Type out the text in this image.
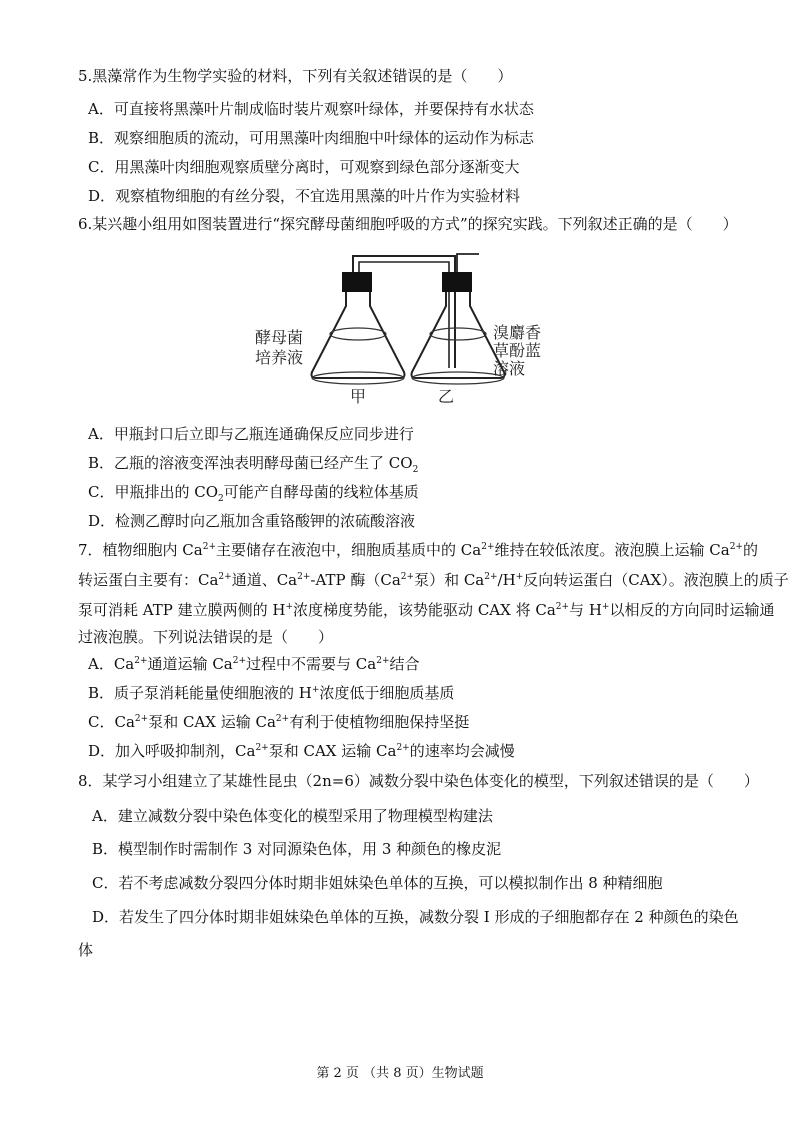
5.黑藻常作为生物学实验的材料，下列有关叙述错误的是（　　）
A．可直接将黑藻叶片制成临时装片观察叶绿体，并要保持有水状态
B．观察细胞质的流动，可用黑藻叶肉细胞中叶绿体的运动作为标志
C．用黑藻叶肉细胞观察质壁分离时，可观察到绿色部分逐渐变大
D．观察植物细胞的有丝分裂，不宜选用黑藻的叶片作为实验材料
6.某兴趣小组用如图装置进行“探究酵母菌细胞呼吸的方式”的探究实践。下列叙述正确的是（　　）
酵母菌
培养液
溴麝香
草酚蓝
溶液
甲	乙
A．甲瓶封口后立即与乙瓶连通确保反应同步进行
B．乙瓶的溶液变浑浊表明酵母菌已经产生了 $CO_2$
C．甲瓶排出的 $CO_2$可能产自酵母菌的线粒体基质
D．检测乙醇时向乙瓶加含重铬酸钾的浓硫酸溶液
7．植物细胞内 $Ca^{2+}$主要储存在液泡中，细胞质基质中的 $Ca^{2+}$维持在较低浓度。液泡膜上运输 $Ca^{2+}$的
转运蛋白主要有：$Ca^{2+}$通道、$Ca^{2+}$-ATP 酶（$Ca^{2+}$泵）和 $Ca^{2+}/H^+$反向转运蛋白（CAX）。液泡膜上的质子
泵可消耗 ATP 建立膜两侧的 H+浓度梯度势能，该势能驱动 CAX 将 $Ca^{2+}$与 H+以相反的方向同时运输通
过液泡膜。下列说法错误的是（　　）
A．$Ca^{2+}$通道运输 $Ca^{2+}$过程中不需要与 $Ca^{2+}$结合
B．质子泵消耗能量使细胞液的 H+浓度低于细胞质基质
C．$Ca^{2+}$泵和 CAX 运输 $Ca^{2+}$有利于使植物细胞保持坚挺
D．加入呼吸抑制剂，$Ca^{2+}$泵和 CAX 运输 $Ca^{2+}$的速率均会减慢
8．某学习小组建立了某雄性昆虫（2n=6）减数分裂中染色体变化的模型，下列叙述错误的是（　　）
A．建立减数分裂中染色体变化的模型采用了物理模型构建法
B．模型制作时需制作 3 对同源染色体，用 3 种颜色的橡皮泥
C．若不考虑减数分裂四分体时期非姐妹染色单体的互换，可以模拟制作出 8 种精细胞
D．若发生了四分体时期非姐妹染色单体的互换，减数分裂 I 形成的子细胞都存在 2 种颜色的染色
体
第 2 页 （共 8 页）生物试题
